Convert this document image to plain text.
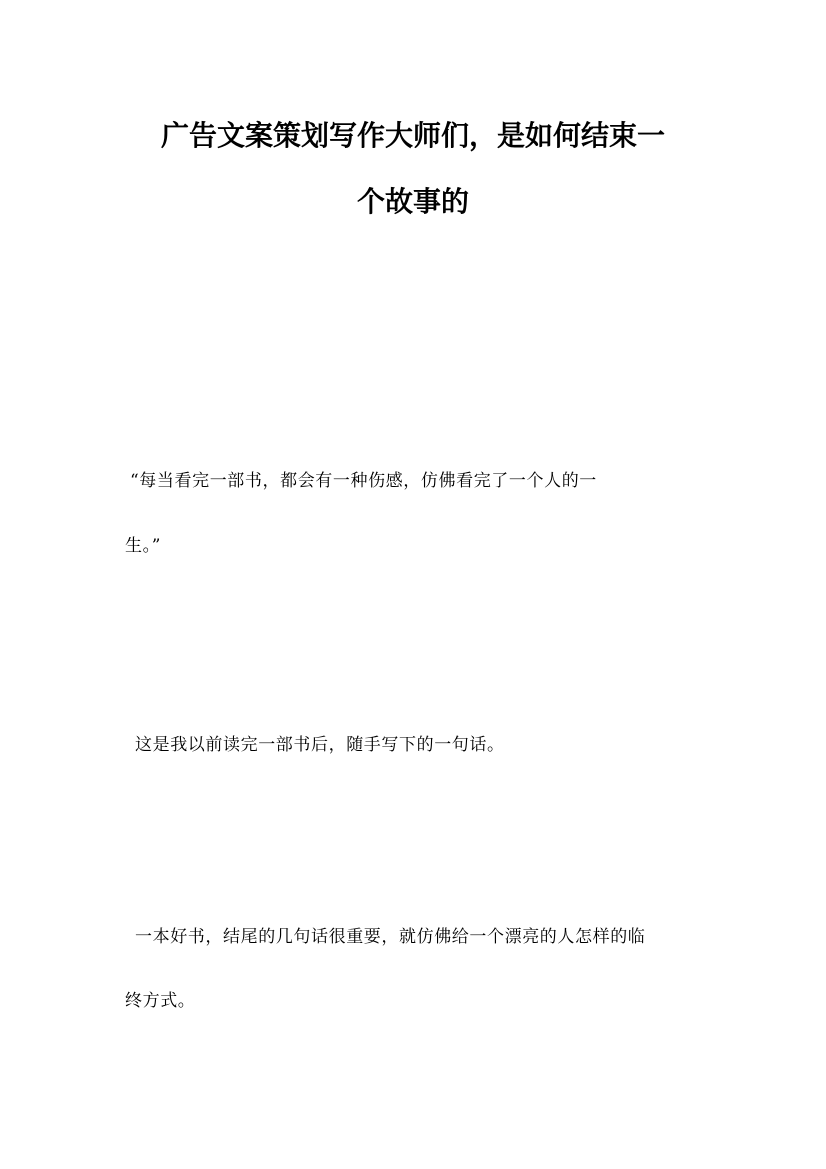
广告文案策划写作大师们，是如何结束一
个故事的
“每当看完一部书，都会有一种伤感，仿佛看完了一个人的一
生。”
这是我以前读完一部书后，随手写下的一句话。
一本好书，结尾的几句话很重要，就仿佛给一个漂亮的人怎样的临
终方式。
